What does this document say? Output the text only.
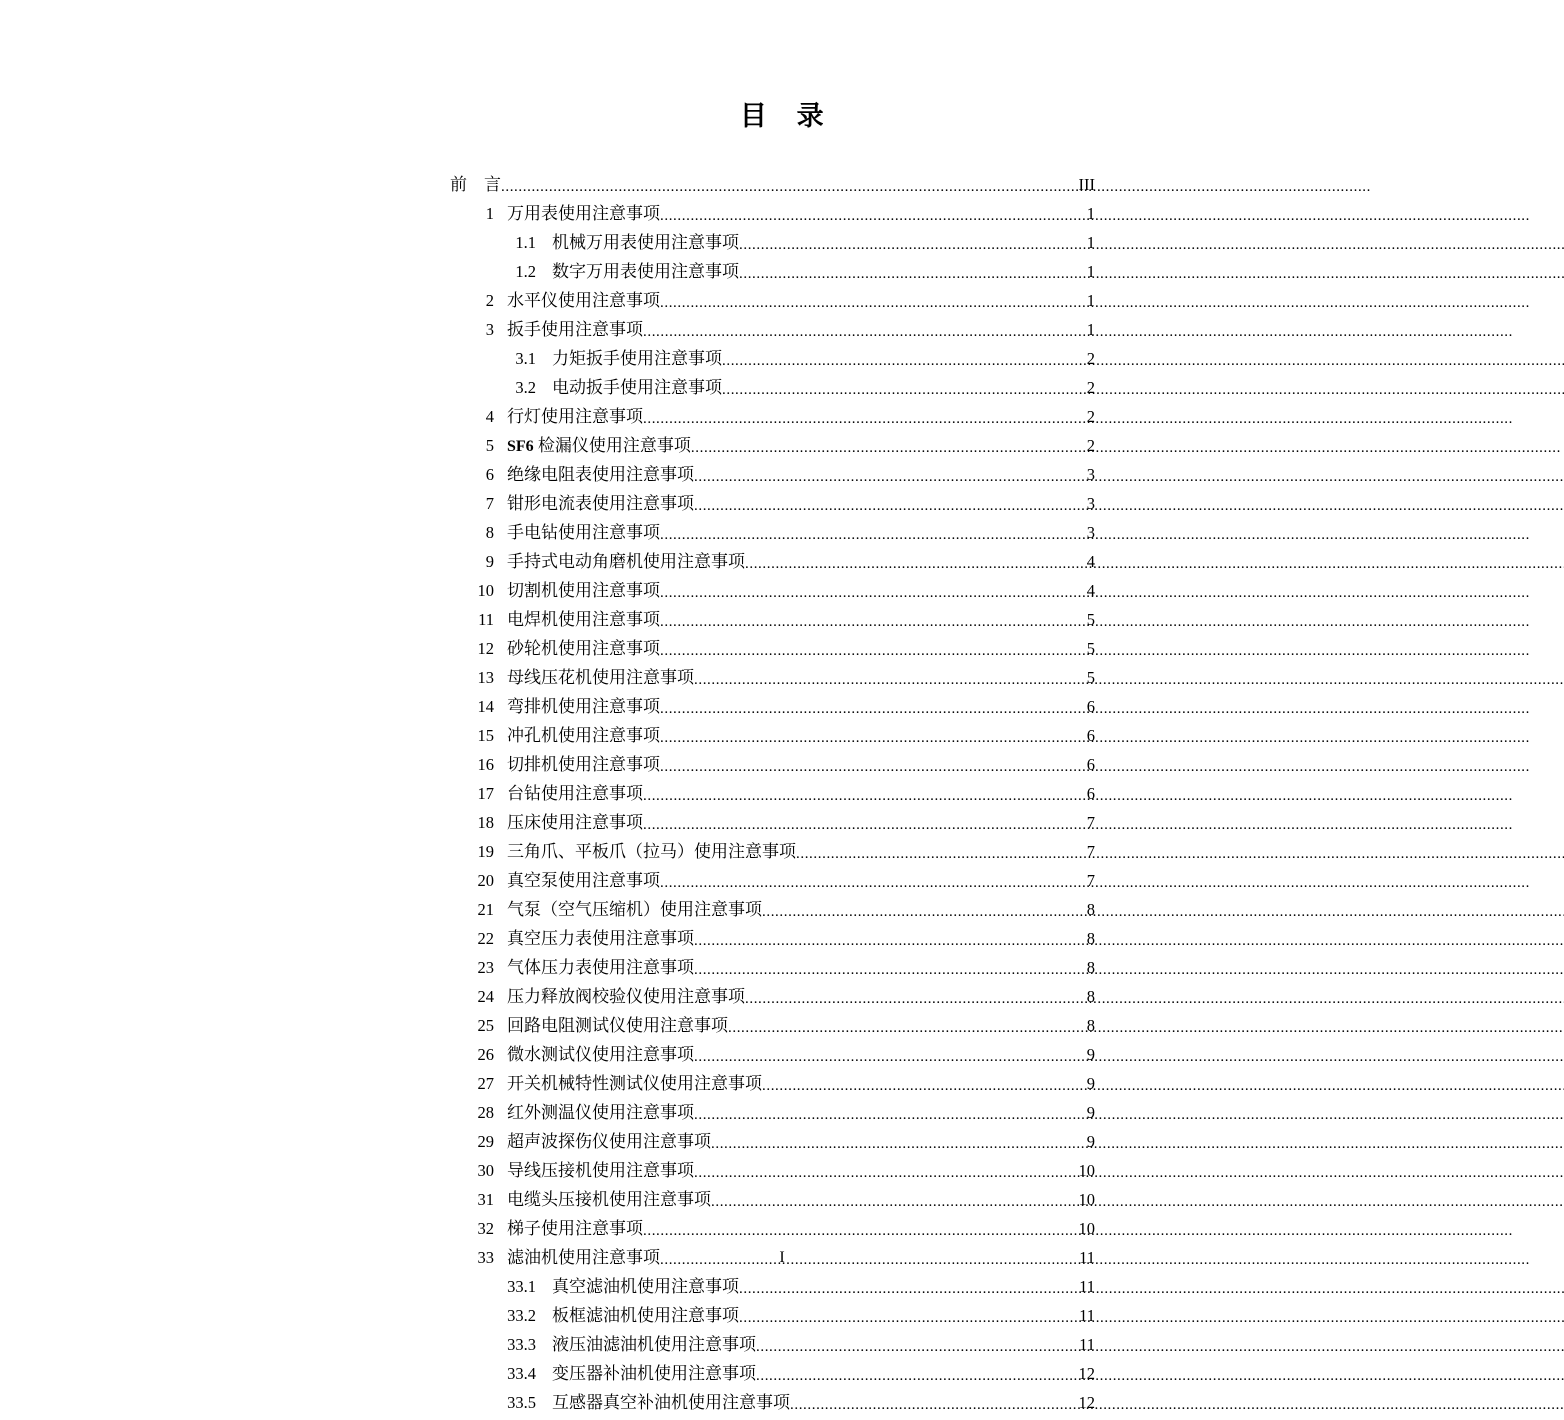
目    录
前    言 .....	III
1 万用表使用注意事项 .....	1
1.1 机械万用表使用注意事项 .....	1
1.2 数字万用表使用注意事项 .....	1
2 水平仪使用注意事项 .....	1
3 扳手使用注意事项 .....	1
3.1 力矩扳手使用注意事项 .....	2
3.2 电动扳手使用注意事项 .....	2
4 行灯使用注意事项 .....	2
5 SF6 检漏仪使用注意事项 .....	2
6 绝缘电阻表使用注意事项 .....	3
7 钳形电流表使用注意事项 .....	3
8 手电钻使用注意事项 .....	3
9 手持式电动角磨机使用注意事项 .....	4
10 切割机使用注意事项 .....	4
11 电焊机使用注意事项 .....	5
12 砂轮机使用注意事项 .....	5
13 母线压花机使用注意事项 .....	5
14 弯排机使用注意事项 .....	6
15 冲孔机使用注意事项 .....	6
16 切排机使用注意事项 .....	6
17 台钻使用注意事项 .....	6
18 压床使用注意事项 .....	7
19 三角爪、平板爪（拉马）使用注意事项 .....	7
20 真空泵使用注意事项 .....	7
21 气泵（空气压缩机）使用注意事项 .....	8
22 真空压力表使用注意事项 .....	8
23 气体压力表使用注意事项 .....	8
24 压力释放阀校验仪使用注意事项 .....	8
25 回路电阻测试仪使用注意事项 .....	8
26 微水测试仪使用注意事项 .....	9
27 开关机械特性测试仪使用注意事项 .....	9
28 红外测温仪使用注意事项 .....	9
29 超声波探伤仪使用注意事项 .....	9
30 导线压接机使用注意事项 .....	10
31 电缆头压接机使用注意事项 .....	10
32 梯子使用注意事项 .....	10
33 滤油机使用注意事项 .....	11
33.1 真空滤油机使用注意事项 .....	11
33.2 板框滤油机使用注意事项 .....	11
33.3 液压油滤油机使用注意事项 .....	11
33.4 变压器补油机使用注意事项 .....	12
33.5 互感器真空补油机使用注意事项 .....	12
I
